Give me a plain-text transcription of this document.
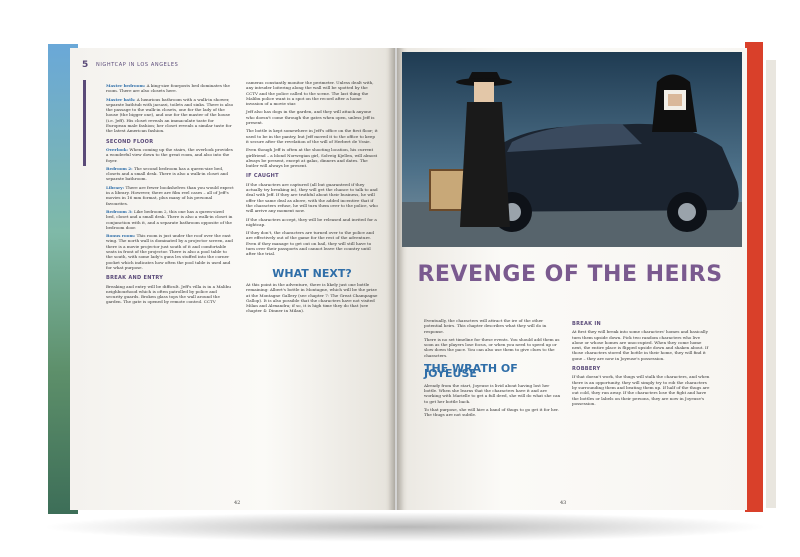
5 NIGHTCAP IN LOS ANGELES

Master bedroom: A king-size fourposts bed dominates the room. There are also closets here.

Master bath: A luxurious bathroom with a walk-in shower, separate bathtub with jacuzzi, toilets and sinks. There is also the passage to the walk-in closets, one for the lady of the house (the bigger one), and one for the master of the house (i.e. Jeff). His closet reveals an immaculate taste for European male fashion; her closet reveals a similar taste for the latest American fashion.

SECOND FLOOR

Overlook: When coming up the stairs, the overlook provides a wonderful view down to the great room, and also into the foyer.

Bedroom 2: The second bedroom has a queen-size bed, closets and a small desk. There is also a walk-in closet and separate bathroom.

Library: There are fewer bookshelves than you would expect in a library. However, there are film reel cases – all of Jeff's movies in 16 mm format, plus many of his personal favourites.

Bedroom 3: Like bedroom 2, this one has a queen-sized bed, closet and a small desk. There is also a walk-in closet in conjunction with it, and a separate bathroom opposite of the bedroom door.

Bonus room: This room is just under the roof over the east wing. The north wall is dominated by a projector screen, and there is a movie projector just south of it and comfortable seats in front of the projector. There is also a pool table to the south, with some lady's guns les stuffed into the corner pocket which indicates how often the pool table is used and for what purpose.

BREAK AND ENTRY

Breaking and entry will be difficult. Jeff's villa is in a Malibu neighbourhood which is often patrolled by police and security guards. Broken glass tops the wall around the garden. The gate is opened by remote control. CCTV

cameras constantly monitor the perimeter. Unless dealt with, any intruder loitering along the wall will be spotted by the CCTV and the police called to the scene. The last thing the Malibu police want is a spot on the record after a home invasion of a movie star.

Jeff also has dogs in the garden, and they will attack anyone who doesn't come through the gates when open, unless Jeff is present.

The bottle is kept somewhere in Jeff's office on the first floor; it used to be in the pantry, but Jeff moved it to the office to keep it secure after the revelation of the will of Herbert de Vraie.

Even though Jeff is often at the shooting location, his current girlfriend – a blond Norwegian girl, Solveig Kjellen, will almost always be present, except at galas, dinners and dates. The butler will always be present.

IF CAUGHT

If the characters are captured (all but guaranteed if they actually try breaking in), they will get the chance to talk to and deal with Jeff. If they are truthful about their business, he will offer the same deal as above, with the added incentive that if the characters refuse, he will turn them over to the police, who will arrive any moment now.

If the characters accept, they will be released and invited for a nightcap.

If they don't, the characters are turned over to the police and are effectively out of the game for the rest of the adventure. Even if they manage to get out on bail, they will still have to turn over their passports and cannot leave the country until after the trial.

WHAT NEXT?

At this point in the adventure, there is likely just one bottle remaining: Albert's bottle in Montagne, which will be the prize at the Montagne Gallery (see chapter 7: The Great Champagne Gallop). It is also possible that the characters have not visited Milan and Alexandra; if so, it is high time they do that (see chapter 4: Dinner in Milan).

42
REVENGE OF THE HEIRS

Eventually, the characters will attract the ire of the other potential heirs. This chapter describes what they will do in response.

There is no set timeline for these events. You should add them as soon as the players lose focus, or when you need to speed up or slow down the pace. You can also use them to give clues to the characters.

THE WRATH OF JOYEUSE

Already from the start, Joyeuse is livid about having lost her bottle. When she learns that the characters have it and are working with Marielle to get a full deed, she will do what she can to get her bottle back.

To that purpose, she will hire a band of thugs to go get it for her. The thugs are not subtle.

BREAK IN

At first they will break into some characters' homes and basically turn them upside down. Pick two random characters who live alone or whose homes are unoccupied. When they come home next, the entire place is flipped upside down and shaken about. If those characters stored the bottle in their home, they will find it gone – they are now in Joyeuse's possession.

ROBBERY

If that doesn't work, the thugs will stalk the characters, and when there is an opportunity, they will simply try to rob the characters by surrounding them and beating them up. If half of the thugs are out cold, they run away. If the characters lose the fight and have the bottles or labels on their persons, they are now in Joyeuse's possession.

43
